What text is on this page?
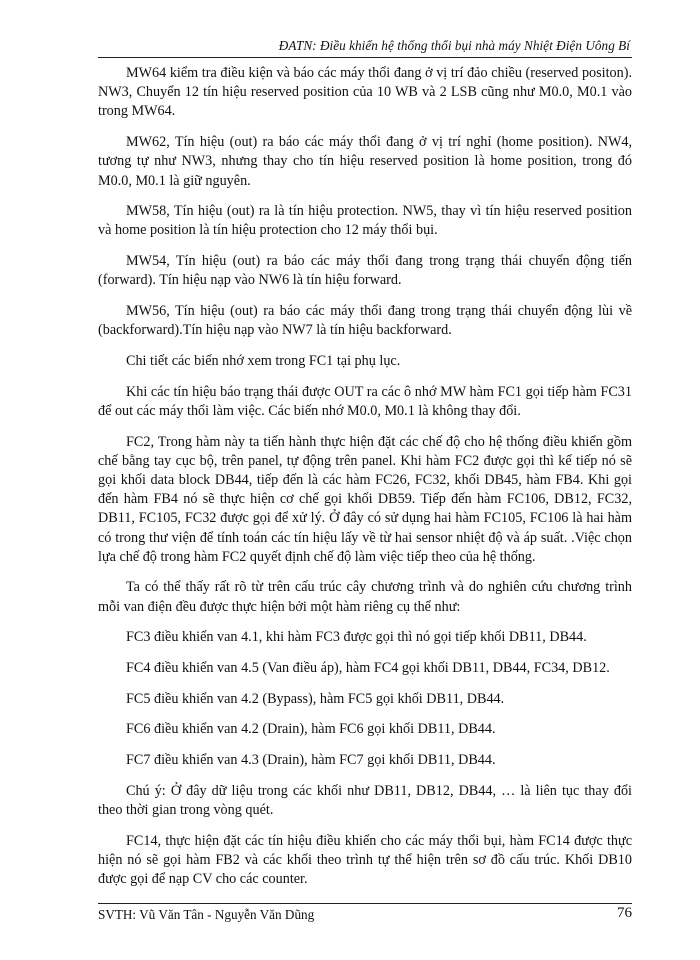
ĐATN: Điều khiển hệ thống thổi bụi nhà máy Nhiệt Điện Uông Bí

MW64 kiểm tra điều kiện và báo các máy thổi đang ở vị trí đảo chiều (reserved positon). NW3, Chuyển 12 tín hiệu reserved position của 10 WB và 2 LSB cũng như M0.0, M0.1 vào trong MW64.

MW62, Tín hiệu (out) ra báo các máy thổi đang ở vị trí nghỉ (home position). NW4, tương tự như NW3, nhưng thay cho tín hiệu reserved position là home position, trong đó M0.0, M0.1 là giữ nguyên.

MW58, Tín hiệu (out) ra là tín hiệu protection. NW5, thay vì tín hiệu reserved position và home position là tín hiệu protection cho 12 máy thổi bụi.

MW54, Tín hiệu (out) ra báo các máy thổi đang trong trạng thái chuyển động tiến (forward). Tín hiệu nạp vào NW6 là tín hiệu forward.

MW56, Tín hiệu (out) ra báo các máy thổi đang trong trạng thái chuyển động lùi về (backforward).Tín hiệu nạp vào NW7 là tín hiệu backforward.

Chi tiết các biến nhớ xem trong FC1 tại phụ lục.

Khi các tín hiệu báo trạng thái được OUT ra các ô nhớ MW hàm FC1 gọi tiếp hàm FC31 để out các máy thổi làm việc. Các biến nhớ M0.0, M0.1 là không thay đổi.

FC2, Trong hàm này ta tiến hành thực hiện đặt các chế độ cho hệ thống điều khiển gồm chế bằng tay cục bộ, trên panel, tự động trên panel. Khi hàm FC2 được gọi thì kế tiếp nó sẽ gọi khối data block DB44, tiếp đến là các hàm FC26, FC32, khối DB45, hàm FB4. Khi gọi đến hàm FB4 nó sẽ thực hiện cơ chế gọi khối DB59. Tiếp đến hàm FC106, DB12, FC32, DB11, FC105, FC32 được gọi để xử lý. Ở đây có sử dụng hai hàm FC105, FC106 là hai hàm có trong thư viện để tính toán các tín hiệu lấy về từ hai sensor nhiệt độ và áp suất. .Việc chọn lựa chế độ trong hàm FC2 quyết định chế độ làm việc tiếp theo của hệ thống.

Ta có thể thấy rất rõ từ trên cấu trúc cây chương trình và do nghiên cứu chương trình mỗi van điện đều được thực hiện bởi một hàm riêng cụ thể như:

FC3 điều khiển van 4.1, khi hàm FC3 được gọi thì nó gọi tiếp khối DB11, DB44.

FC4 điều khiển van 4.5 (Van điều áp), hàm FC4 gọi khối DB11, DB44, FC34, DB12.

FC5 điều khiển van 4.2 (Bypass), hàm FC5 gọi khối DB11, DB44.

FC6 điều khiển van 4.2 (Drain), hàm FC6 gọi khối DB11, DB44.

FC7 điều khiển van 4.3 (Drain), hàm FC7 gọi khối DB11, DB44.

Chú ý: Ở đây dữ liệu trong các khối như DB11, DB12, DB44, … là liên tục thay đổi theo thời gian trong vòng quét.

FC14, thực hiện đặt các tín hiệu điều khiển cho các máy thổi bụi, hàm FC14 được thực hiện nó sẽ gọi hàm FB2 và các khối theo trình tự thể hiện trên sơ đồ cấu trúc. Khối DB10 được gọi để nạp CV cho các counter.

SVTH: Vũ Văn Tân - Nguyễn Văn Dũng	76
